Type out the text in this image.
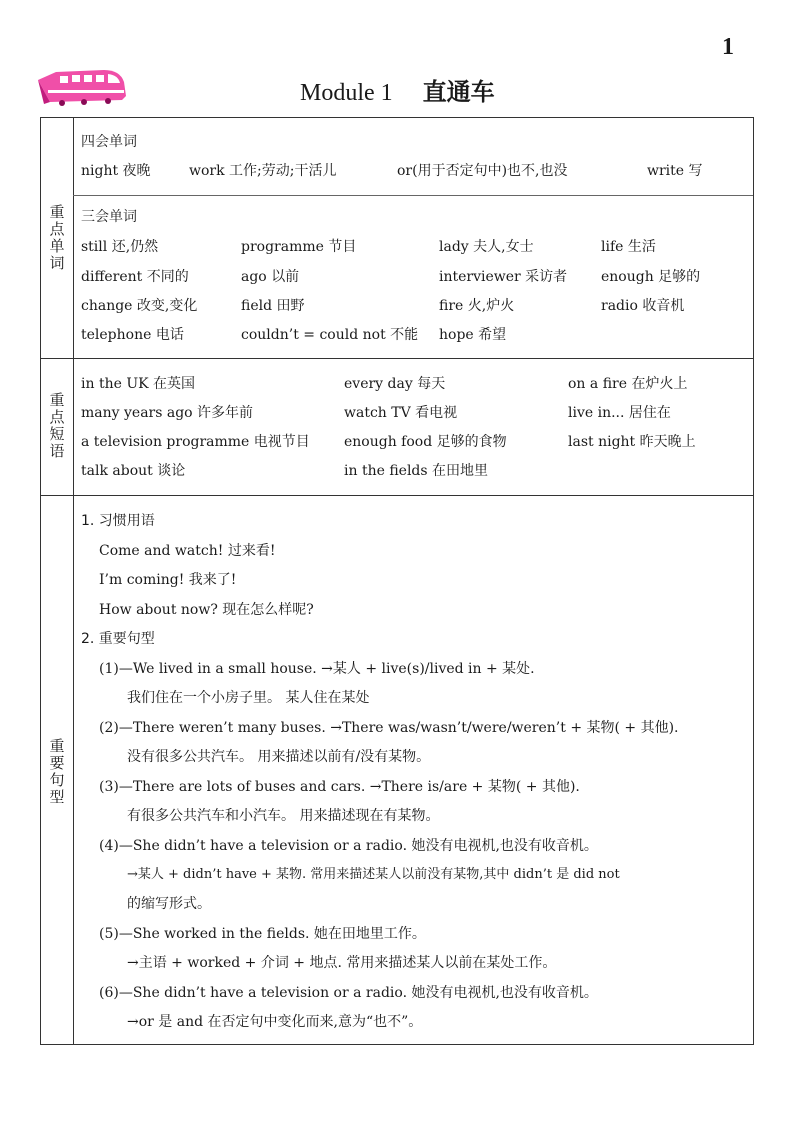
1
Module 1 直通车
重
点
单
词
四会单词
night 夜晚	work 工作;劳动;干活儿	or(用于否定句中)也不,也没	write 写
三会单词
still 还,仍然	programme 节目	lady 夫人,女士	life 生活
different 不同的	ago 以前	interviewer 采访者 enough 足够的
change 改变,变化	field 田野	fire 火,炉火	radio 收音机
telephone 电话	couldn’t = could not 不能 hope 希望
重
点
短
语
in the UK 在英国	every day 每天	on a fire 在炉火上
many years ago 许多年前	watch TV 看电视	live in... 居住在
a television programme 电视节目 enough food 足够的食物	last night 昨天晚上
talk about 谈论	in the fields 在田地里
重
要
句
型
1. 习惯用语
Come and watch! 过来看!
I’m coming! 我来了!
How about now? 现在怎么样呢?
2. 重要句型
(1)—We lived in a small house. →某人 + live(s)/lived in + 某处.
我们住在一个小房子里。 某人住在某处
(2)—There weren’t many buses. →There was/wasn’t/were/weren’t + 某物( + 其他).
没有很多公共汽车。 用来描述以前有/没有某物。
(3)—There are lots of buses and cars. →There is/are + 某物( + 其他).
有很多公共汽车和小汽车。 用来描述现在有某物。
(4)—She didn’t have a television or a radio. 她没有电视机,也没有收音机。
→某人 + didn’t have + 某物. 常用来描述某人以前没有某物,其中 didn’t 是 did not
的缩写形式。
(5)—She worked in the fields. 她在田地里工作。
→主语 + worked + 介词 + 地点. 常用来描述某人以前在某处工作。
(6)—She didn’t have a television or a radio. 她没有电视机,也没有收音机。
→or 是 and 在否定句中变化而来,意为“也不”。
